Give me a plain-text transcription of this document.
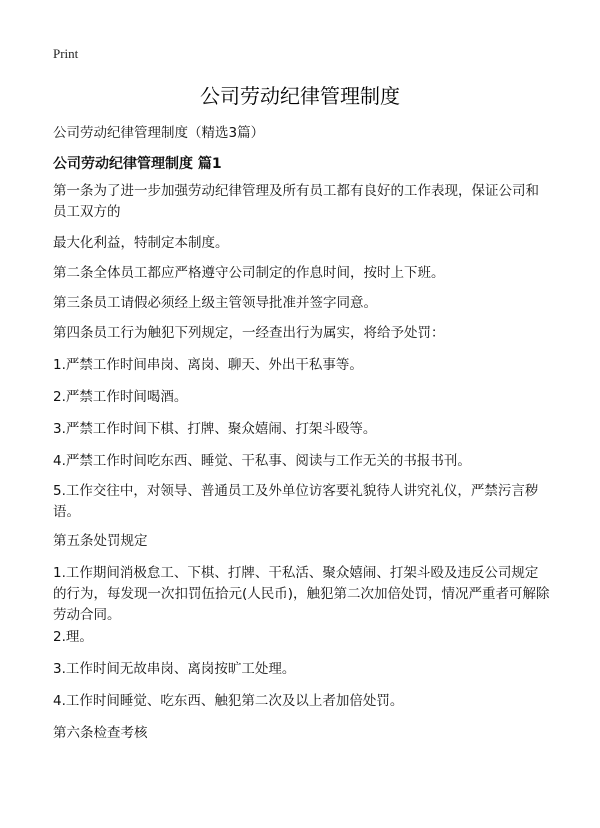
Print
公司劳动纪律管理制度

公司劳动纪律管理制度（精选3篇）

公司劳动纪律管理制度 篇1

第一条为了进一步加强劳动纪律管理及所有员工都有良好的工作表现，保证公司和员工双方的

最大化利益，特制定本制度。

第二条全体员工都应严格遵守公司制定的作息时间，按时上下班。

第三条员工请假必须经上级主管领导批准并签字同意。

第四条员工行为触犯下列规定，一经查出行为属实，将给予处罚：

1.严禁工作时间串岗、离岗、聊天、外出干私事等。

2.严禁工作时间喝酒。

3.严禁工作时间下棋、打牌、聚众嬉闹、打架斗殴等。

4.严禁工作时间吃东西、睡觉、干私事、阅读与工作无关的书报书刊。

5.工作交往中，对领导、普通员工及外单位访客要礼貌待人讲究礼仪，严禁污言秽语。

第五条处罚规定

1.工作期间消极怠工、下棋、打牌、干私活、聚众嬉闹、打架斗殴及违反公司规定的行为，每发现一次扣罚伍拾元(人民币)，触犯第二次加倍处罚，情况严重者可解除劳动合同。

2.理。

3.工作时间无故串岗、离岗按旷工处理。

4.工作时间睡觉、吃东西、触犯第二次及以上者加倍处罚。

第六条检查考核
